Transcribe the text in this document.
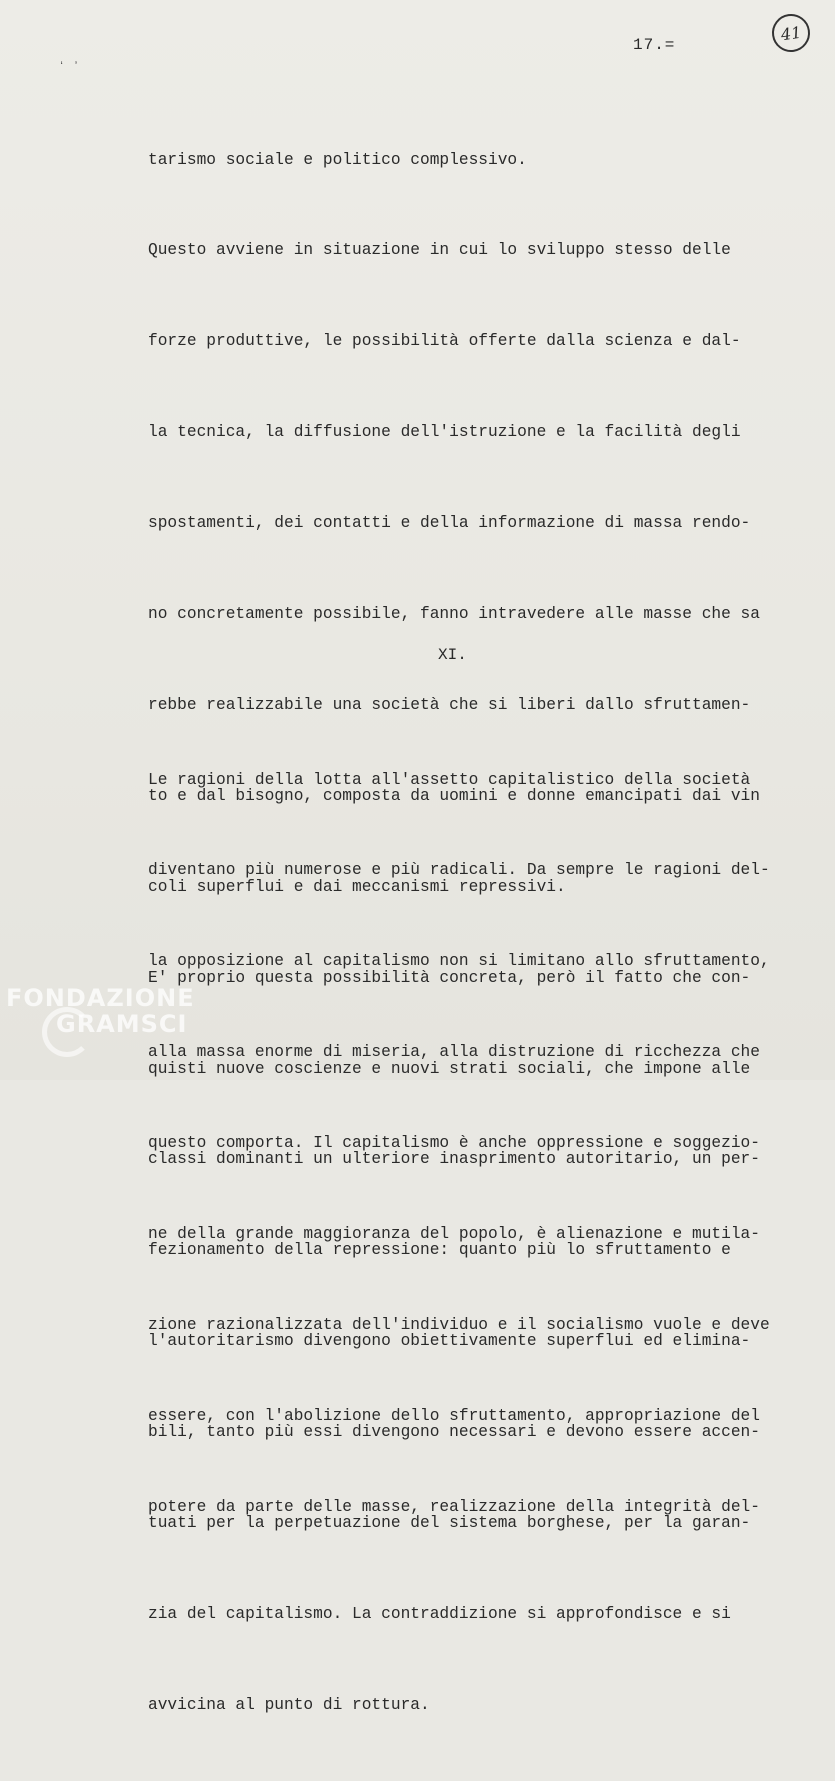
ʻ ʼ
17.=
41

tarismo sociale e politico complessivo.

Questo avviene in situazione in cui lo sviluppo stesso delle

forze produttive, le possibilità offerte dalla scienza e dal-

la tecnica, la diffusione dell'istruzione e la facilità degli

spostamenti, dei contatti e della informazione di massa rendo-

no concretamente possibile, fanno intravedere alle masse che sa

rebbe realizzabile una società che si liberi dallo sfruttamen-

to e dal bisogno, composta da uomini e donne emancipati dai vin

coli superflui e dai meccanismi repressivi.

E' proprio questa possibilità concreta, però il fatto che con-

quisti nuove coscienze e nuovi strati sociali, che impone alle

classi dominanti un ulteriore inasprimento autoritario, un per-

fezionamento della repressione: quanto più lo sfruttamento e

l'autoritarismo divengono obiettivamente superflui ed elimina-

bili, tanto più essi divengono necessari e devono essere accen-

tuati per la perpetuazione del sistema borghese, per la garan-

zia del capitalismo. La contraddizione si approfondisce e si

avvicina al punto di rottura.

XI.

Le ragioni della lotta all'assetto capitalistico della società

diventano più numerose e più radicali. Da sempre le ragioni del-

la opposizione al capitalismo non si limitano allo sfruttamento,

alla massa enorme di miseria, alla distruzione di ricchezza che

questo comporta. Il capitalismo è anche oppressione e soggezio-

ne della grande maggioranza del popolo, è alienazione e mutila-

zione razionalizzata dell'individuo e il socialismo vuole e deve

essere, con l'abolizione dello sfruttamento, appropriazione del

potere da parte delle masse, realizzazione della integrità del-

FONDAZIONE
GRAMSCI
